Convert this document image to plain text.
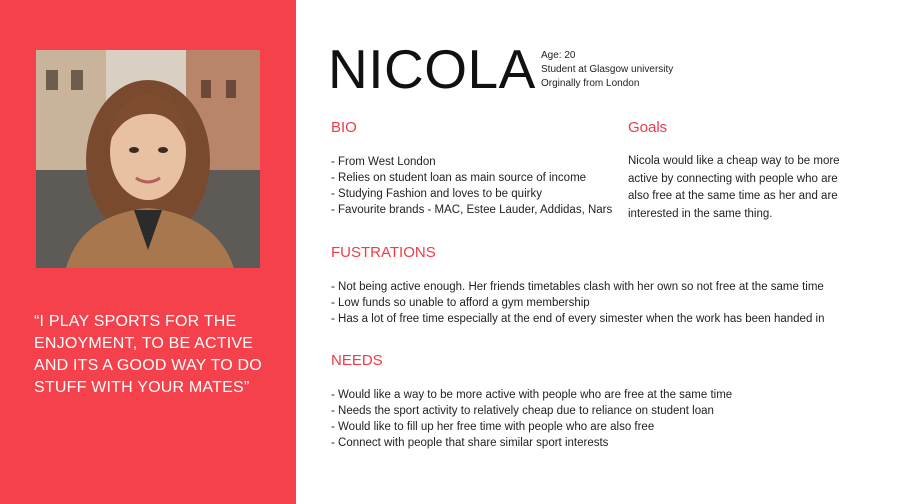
“I PLAY SPORTS FOR THE ENJOYMENT, TO BE ACTIVE AND ITS A GOOD WAY TO DO STUFF WITH YOUR MATES”
NICOLA Age: 20
Student at Glasgow university
Orginally from London
BIO
- From West London
- Relies on student loan as main source of income
- Studying Fashion and loves to be quirky
- Favourite brands - MAC, Estee Lauder, Addidas, Nars
Goals

Nicola would like a cheap way to be more active by connecting with people who are also free at the same time as her and are interested in the same thing.

FUSTRATIONS
- Not being active enough. Her friends timetables clash with her own so not free at the same time
- Low funds so unable to afford a gym membership
- Has a lot of free time especially at the end of every simester when the work has been handed in
NEEDS
- Would like a way to be more active with people who are free at the same time
- Needs the sport activity to relatively cheap due to reliance on student loan
- Would like to fill up her free time with people who are also free
- Connect with people that share similar sport interests
